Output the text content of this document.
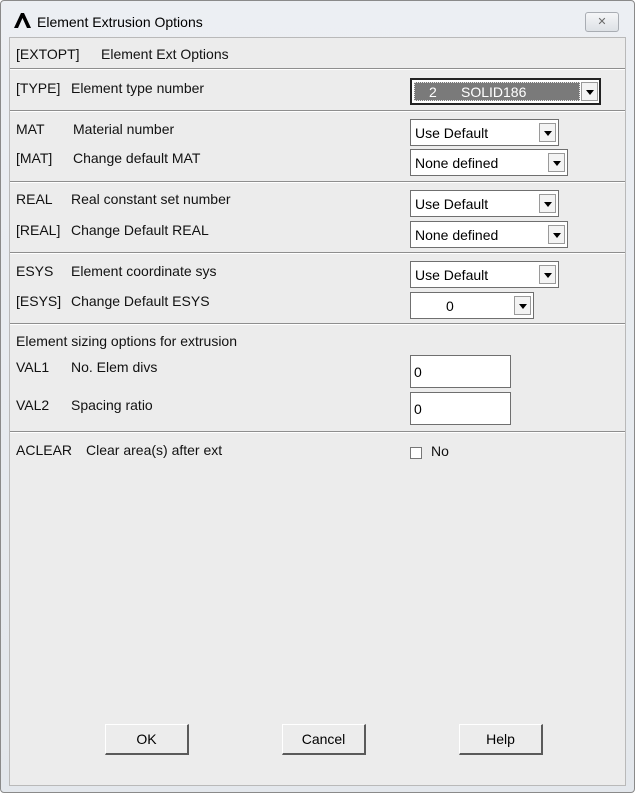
Element Extrusion Options	✕
[EXTOPT] Element Ext Options
[TYPE] Element type number	2 SOLID186
MAT Material number	Use Default
[MAT] Change default MAT	None defined
REAL Real constant set number	Use Default
[REAL] Change Default REAL	None defined
ESYS Element coordinate sys	Use Default
[ESYS] Change Default ESYS	0
Element sizing options for extrusion
VAL1 No. Elem divs	0
VAL2 Spacing ratio	0
ACLEAR Clear area(s) after ext	No
OK	Cancel	Help
